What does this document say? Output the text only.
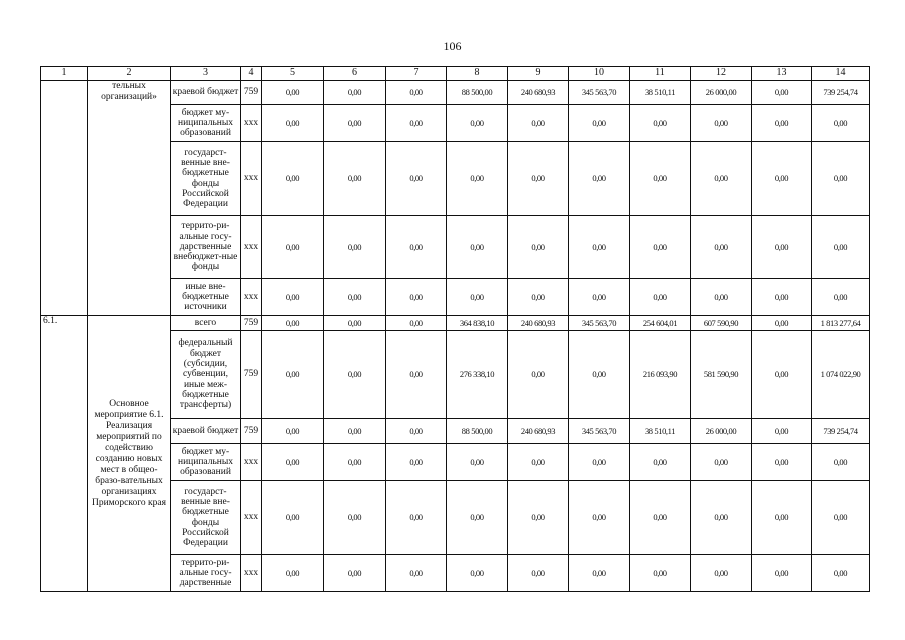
106
1	2	3	4	5	6	7	8	9	10	11	12	13	14
	тельных организаций»	краевой бюджет	759	0,00	0,00	0,00	88 500,00	240 680,93	345 563,70	38 510,11	26 000,00	0,00	739 254,74
		бюджет му-ниципальных образований	xxx	0,00	0,00	0,00	0,00	0,00	0,00	0,00	0,00	0,00	0,00
		государст-венные вне-бюджетные фонды Российской Федерации	xxx	0,00	0,00	0,00	0,00	0,00	0,00	0,00	0,00	0,00	0,00
		террито-ри-альные госу-дарственные внебюджет-ные фонды	xxx	0,00	0,00	0,00	0,00	0,00	0,00	0,00	0,00	0,00	0,00
		иные вне-бюджетные источники	xxx	0,00	0,00	0,00	0,00	0,00	0,00	0,00	0,00	0,00	0,00
6.1.	Основное мероприятие 6.1. Реализация мероприятий по содействию созданию новых мест в общео-бразо-вательных организациях Приморского края	всего	759	0,00	0,00	0,00	364 838,10	240 680,93	345 563,70	254 604,01	607 590,90	0,00	1 813 277,64
		федеральный бюджет (субсидии, субвенции, иные меж-бюджетные трансферты)	759	0,00	0,00	0,00	276 338,10	0,00	0,00	216 093,90	581 590,90	0,00	1 074 022,90
		краевой бюджет	759	0,00	0,00	0,00	88 500,00	240 680,93	345 563,70	38 510,11	26 000,00	0,00	739 254,74
		бюджет му-ниципальных образований	xxx	0,00	0,00	0,00	0,00	0,00	0,00	0,00	0,00	0,00	0,00
		государст-венные вне-бюджетные фонды Российской Федерации	xxx	0,00	0,00	0,00	0,00	0,00	0,00	0,00	0,00	0,00	0,00
		террито-ри-альные госу-дарственные	xxx	0,00	0,00	0,00	0,00	0,00	0,00	0,00	0,00	0,00	0,00
